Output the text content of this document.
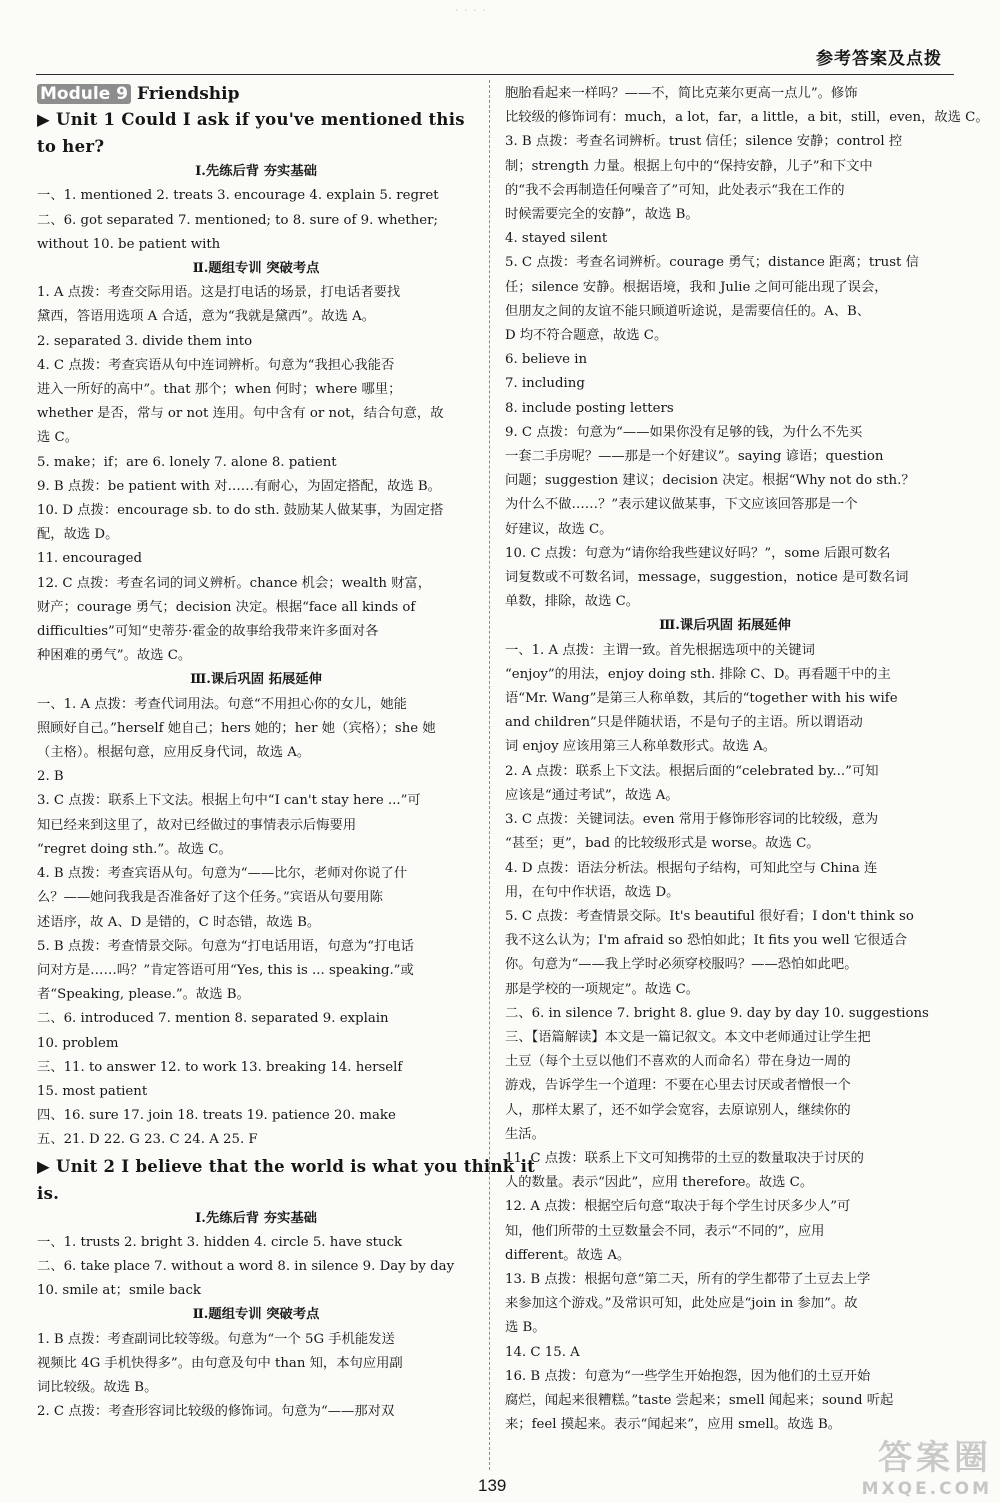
· · · ·
参考答案及点拨
Module 9 Friendship
▶ Unit 1 Could I ask if you've mentioned this
to her?
Ⅰ.先练后背 夯实基础
一、1. mentioned 2. treats 3. encourage 4. explain 5. regret
二、6. got separated 7. mentioned; to 8. sure of 9. whether;
without 10. be patient with
Ⅱ.题组专训 突破考点
1. A 点拨：考查交际用语。这是打电话的场景，打电话者要找
黛西，答语用选项 A 合适，意为“我就是黛西”。故选 A。
2. separated 3. divide them into
4. C 点拨：考查宾语从句中连词辨析。句意为“我担心我能否
进入一所好的高中”。that 那个；when 何时；where 哪里；
whether 是否，常与 or not 连用。句中含有 or not，结合句意，故
选 C。
5. make；if；are 6. lonely 7. alone 8. patient
9. B 点拨：be patient with 对……有耐心，为固定搭配，故选 B。
10. D 点拨：encourage sb. to do sth. 鼓励某人做某事，为固定搭
配，故选 D。
11. encouraged
12. C 点拨：考查名词的词义辨析。chance 机会；wealth 财富，
财产；courage 勇气；decision 决定。根据“face all kinds of
difficulties”可知“史蒂芬·霍金的故事给我带来许多面对各
种困难的勇气”。故选 C。
Ⅲ.课后巩固 拓展延伸
一、1. A 点拨：考查代词用法。句意“不用担心你的女儿，她能
照顾好自己。”herself 她自己；hers 她的；her 她（宾格）；she 她
（主格）。根据句意，应用反身代词，故选 A。
2. B
3. C 点拨：联系上下文法。根据上句中“I can't stay here ...”可
知已经来到这里了，故对已经做过的事情表示后悔要用
“regret doing sth.”。故选 C。
4. B 点拨：考查宾语从句。句意为“——比尔，老师对你说了什
么？——她问我我是否准备好了这个任务。”宾语从句要用陈
述语序，故 A、D 是错的，C 时态错，故选 B。
5. B 点拨：考查情景交际。句意为“打电话用语，句意为“打电话
问对方是……吗？”肯定答语可用“Yes, this is ... speaking.”或
者“Speaking, please.”。故选 B。
二、6. introduced 7. mention 8. separated 9. explain
10. problem
三、11. to answer 12. to work 13. breaking 14. herself
15. most patient
四、16. sure 17. join 18. treats 19. patience 20. make
五、21. D 22. G 23. C 24. A 25. F
▶ Unit 2 I believe that the world is what you think it
is.
Ⅰ.先练后背 夯实基础
一、1. trusts 2. bright 3. hidden 4. circle 5. have stuck
二、6. take place 7. without a word 8. in silence 9. Day by day
10. smile at；smile back
Ⅱ.题组专训 突破考点
1. B 点拨：考查副词比较等级。句意为“一个 5G 手机能发送
视频比 4G 手机快得多”。由句意及句中 than 知，本句应用副
词比较级。故选 B。
2. C 点拨：考查形容词比较级的修饰词。句意为“——那对双
胞胎看起来一样吗？——不，简比克莱尔更高一点儿”。修饰
比较级的修饰词有：much，a lot，far，a little，a bit，still，even，故选 C。
3. B 点拨：考查名词辨析。trust 信任；silence 安静；control 控
制；strength 力量。根据上句中的“保持安静，儿子”和下文中
的“我不会再制造任何噪音了”可知，此处表示“我在工作的
时候需要完全的安静”，故选 B。
4. stayed silent
5. C 点拨：考查名词辨析。courage 勇气；distance 距离；trust 信
任；silence 安静。根据语境，我和 Julie 之间可能出现了误会，
但朋友之间的友谊不能只顾道听途说，是需要信任的。A、B、
D 均不符合题意，故选 C。
6. believe in
7. including
8. include posting letters
9. C 点拨：句意为“——如果你没有足够的钱，为什么不先买
一套二手房呢？——那是一个好建议”。saying 谚语；question
问题；suggestion 建议；decision 决定。根据“Why not do sth.？
为什么不做……？”表示建议做某事，下文应该回答那是一个
好建议，故选 C。
10. C 点拨：句意为“请你给我些建议好吗？”，some 后跟可数名
词复数或不可数名词，message，suggestion，notice 是可数名词
单数，排除，故选 C。
Ⅲ.课后巩固 拓展延伸
一、1. A 点拨：主谓一致。首先根据选项中的关键词
“enjoy”的用法，enjoy doing sth. 排除 C、D。再看题干中的主
语“Mr. Wang”是第三人称单数，其后的“together with his wife
and children”只是伴随状语，不是句子的主语。所以谓语动
词 enjoy 应该用第三人称单数形式。故选 A。
2. A 点拨：联系上下文法。根据后面的“celebrated by...”可知
应该是“通过考试”，故选 A。
3. C 点拨：关键词法。even 常用于修饰形容词的比较级，意为
“甚至；更”，bad 的比较级形式是 worse。故选 C。
4. D 点拨：语法分析法。根据句子结构，可知此空与 China 连
用，在句中作状语，故选 D。
5. C 点拨：考查情景交际。It's beautiful 很好看；I don't think so
我不这么认为；I'm afraid so 恐怕如此；It fits you well 它很适合
你。句意为“——我上学时必须穿校服吗？——恐怕如此吧。
那是学校的一项规定”。故选 C。
二、6. in silence 7. bright 8. glue 9. day by day 10. suggestions
三、【语篇解读】本文是一篇记叙文。本文中老师通过让学生把
土豆（每个土豆以他们不喜欢的人而命名）带在身边一周的
游戏，告诉学生一个道理：不要在心里去讨厌或者憎恨一个
人，那样太累了，还不如学会宽容，去原谅别人，继续你的
生活。
11. C 点拨：联系上下文可知携带的土豆的数量取决于讨厌的
人的数量。表示“因此”，应用 therefore。故选 C。
12. A 点拨：根据空后句意“取决于每个学生讨厌多少人”可
知，他们所带的土豆数量会不同，表示“不同的”，应用
different。故选 A。
13. B 点拨：根据句意“第二天，所有的学生都带了土豆去上学
来参加这个游戏。”及常识可知，此处应是“join in 参加”。故
选 B。
14. C 15. A
16. B 点拨：句意为“一些学生开始抱怨，因为他们的土豆开始
腐烂，闻起来很糟糕。”taste 尝起来；smell 闻起来；sound 听起
来；feel 摸起来。表示“闻起来”，应用 smell。故选 B。
139
答案圈
MXQE.COM
